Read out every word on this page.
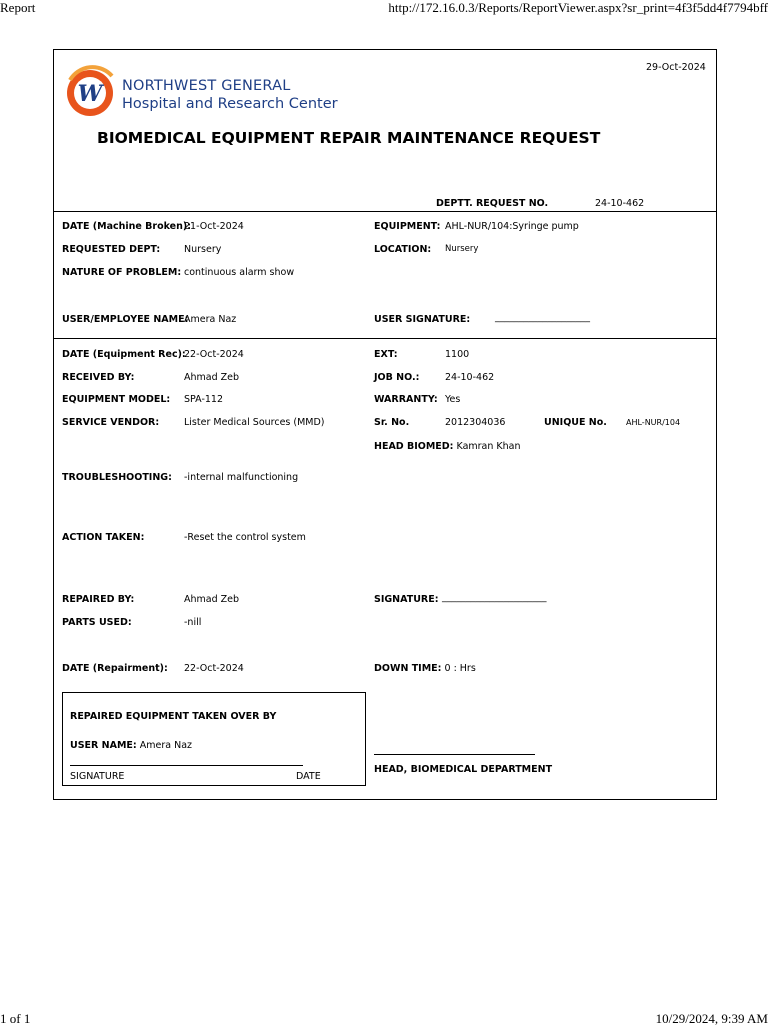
Report	http://172.16.0.3/Reports/ReportViewer.aspx?sr_print=4f3f5dd4f7794bff
W NORTHWEST GENERAL
Hospital and Research Center
29-Oct-2024
BIOMEDICAL EQUIPMENT REPAIR MAINTENANCE REQUEST
DEPTT. REQUEST NO.	24-10-462
DATE (Machine Broken):
21-Oct-2024	EQUIPMENT: AHL-NUR/104:Syringe pump
REQUESTED DEPT:	Nursery	LOCATION: Nursery
NATURE OF PROBLEM: continuous alarm show
USER/EMPLOYEE NAME:
Amera Naz	USER SIGNATURE:	____________________
DATE (Equipment Rec):
22-Oct-2024	EXT:	1100
RECEIVED BY:	Ahmad Zeb	JOB NO.:	24-10-462
EQUIPMENT MODEL: SPA-112	WARRANTY: Yes
SERVICE VENDOR:	Lister Medical Sources (MMD)	Sr. No.	2012304036	UNIQUE No. AHL-NUR/104
HEAD BIOMED: Kamran Khan
TROUBLESHOOTING: -internal malfunctioning
ACTION TAKEN:	-Reset the control system
REPAIRED BY:	Ahmad Zeb	SIGNATURE: ______________________
PARTS USED:	-nill
DATE (Repairment): 22-Oct-2024	DOWN TIME: 0 : Hrs
REPAIRED EQUIPMENT TAKEN OVER BY
USER NAME: Amera Naz
SIGNATURE	DATE
HEAD, BIOMEDICAL DEPARTMENT
1 of 1	10/29/2024, 9:39 AM
